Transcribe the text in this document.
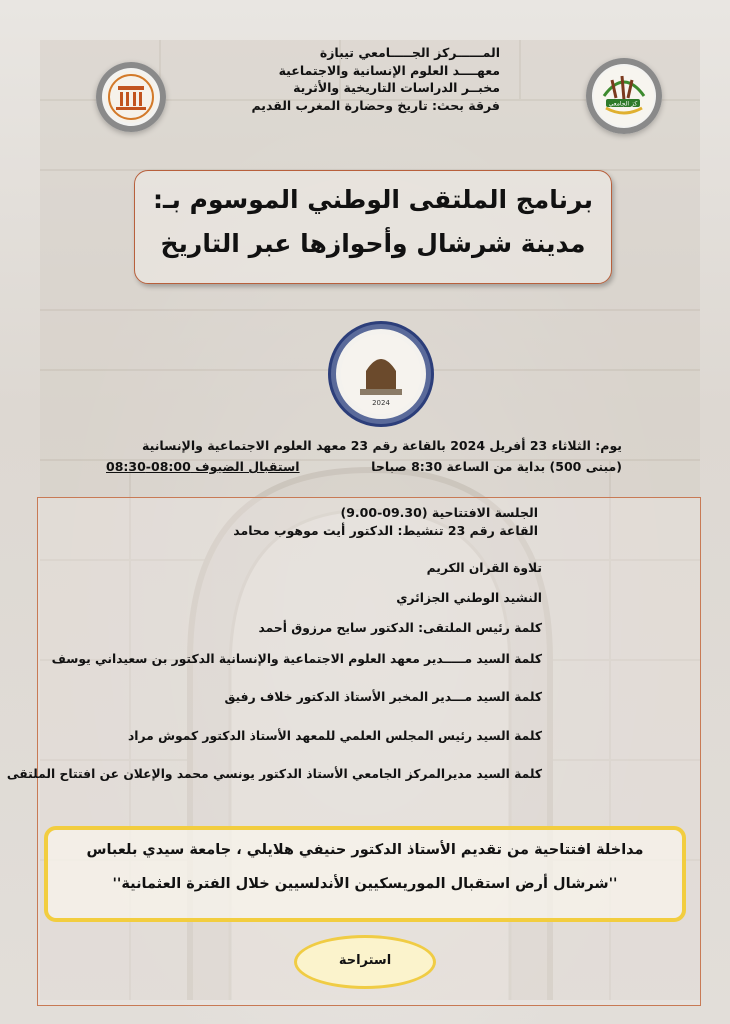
كز الجامعي
المــــــركز الجـــــامعي تيبازة
معهــــد العلوم الإنسانية والاجتماعية
مخبــر الدراسات التاريخية والأثرية
فرقة بحث: تاريخ وحضارة المغرب القديم
برنامج الملتقى الوطني الموسوم بـ:
مدينة شرشال وأحوازها عبر التاريخ
2024
يوم: الثلاثاء 23 أفريل 2024 بالقاعة رقم 23 معهد العلوم الاجتماعية والإنسانية
(مبنى 500) بداية من الساعة 8:30 صباحا
استقبال الضيوف 08:00-08:30
الجلسة الافتتاحية (09.30-9.00)
القاعة رقم 23 تنشيط: الدكتور أيت موهوب محامد
تلاوة القران الكريم
النشيد الوطني الجزائري
كلمة رئيس الملتقى: الدكتور سايح مرزوق أحمد
كلمة السيد مـــــدير معهد العلوم الاجتماعية والإنسانية الدكتور بن سعيداني يوسف
كلمة السيد مـــدير المخبر الأستاذ الدكتور خلاف رفيق
كلمة السيد رئيس المجلس العلمي للمعهد الأستاذ الدكتور كموش مراد
كلمة السيد مديرالمركز الجامعي الأستاذ الدكتور يونسي محمد والإعلان عن افتتاح الملتقى
مداخلة افتتاحية من تقديم الأستاذ الدكتور حنيفي هلايلي ، جامعة سيدي بلعباس
''شرشال أرض استقبال الموريسكيين الأندلسيين خلال الفترة العثمانية''
استراحة
